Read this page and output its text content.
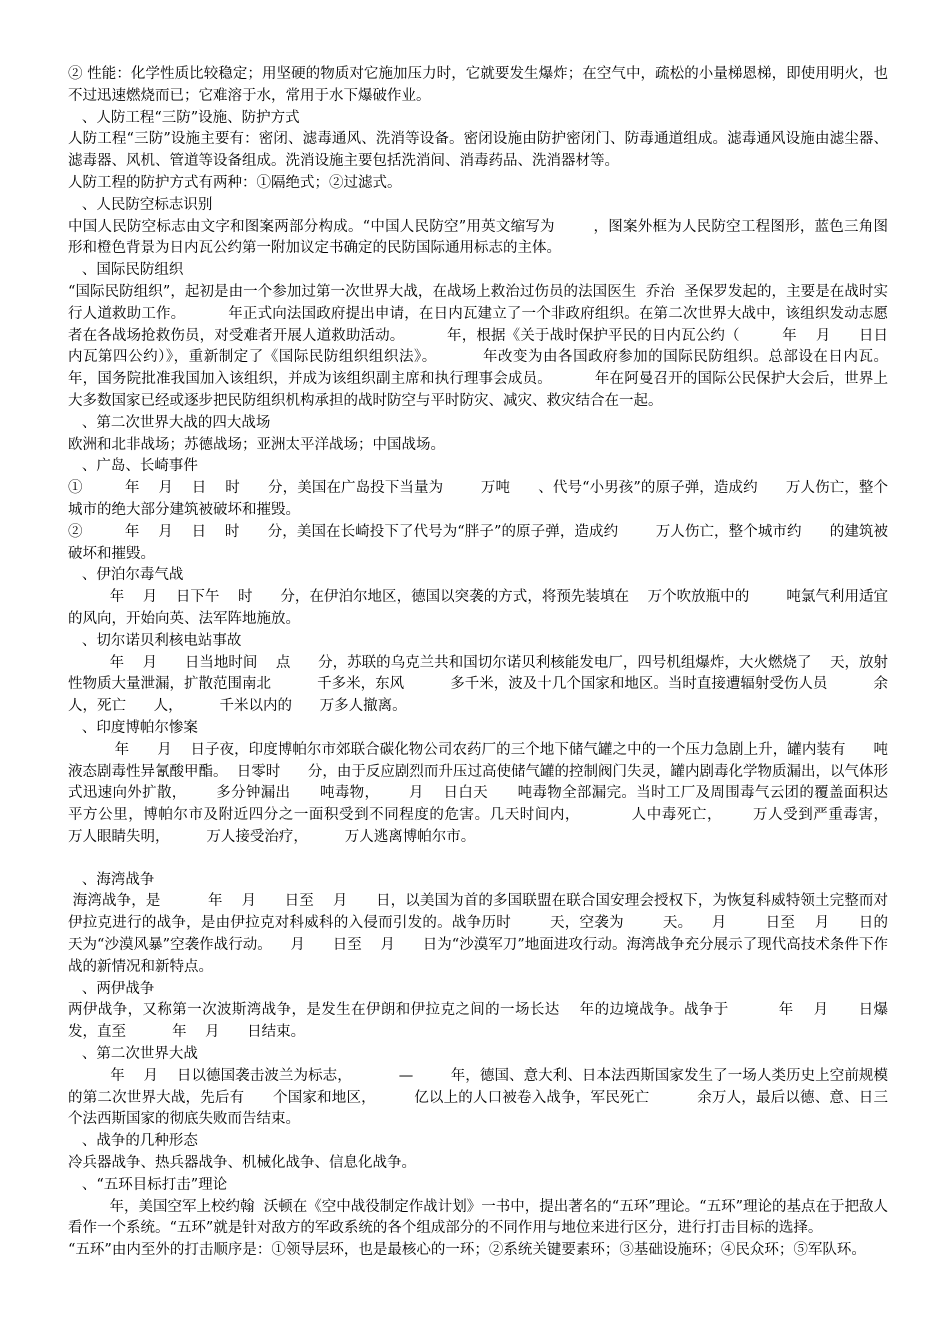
② 性能：化学性质比较稳定；用坚硬的物质对它施加压力时，它就要发生爆炸；在空气中，疏松的小量梯恩梯，即使用明火，也不过迅速燃烧而已；它难溶于水，常用于水下爆破作业。

、人防工程“三防”设施、防护方式

人防工程“三防”设施主要有：密闭、滤毒通风、洗消等设备。密闭设施由防护密闭门、防毒通道组成。滤毒通风设施由滤尘器、滤毒器、风机、管道等设备组成。洗消设施主要包括洗消间、消毒药品、洗消器材等。

人防工程的防护方式有两种：①隔绝式；②过滤式。

、人民防空标志识别

中国人民防空标志由文字和图案两部分构成。“中国人民防空”用英文缩写为        ，图案外框为人民防空工程图形，蓝色三角图形和橙色背景为日内瓦公约第一附加议定书确定的民防国际通用标志的主体。

、国际民防组织

“国际民防组织”，起初是由一个参加过第一次世界大战，在战场上救治过伤员的法国医生  乔治  圣保罗发起的，主要是在战时实行人道救助工作。         年正式向法国政府提出申请，在日内瓦建立了一个非政府组织。在第二次世界大战中，该组织发动志愿者在各战场抢救伤员，对受难者开展人道救助活动。         年，根据《关于战时保护平民的日内瓦公约（         年    月      日日内瓦第四公约）》，重新制定了《国际民防组织组织法》。         年改变为由各国政府参加的国际民防组织。总部设在日内瓦。         年，国务院批准我国加入该组织，并成为该组织副主席和执行理事会成员。         年在阿曼召开的国际公民保护大会后，世界上大多数国家已经或逐步把民防组织机构承担的战时防空与平时防灾、减灾、救灾结合在一起。

、第二次世界大战的四大战场

欧洲和北非战场；苏德战场；亚洲太平洋战场；中国战场。

、广岛、长崎事件

①         年    月    日    时      分，美国在广岛投下当量为        万吨      、代号“小男孩”的原子弹，造成约      万人伤亡，整个城市的绝大部分建筑被破坏和摧毁。

②         年    月    日    时      分，美国在长崎投下了代号为“胖子”的原子弹，造成约        万人伤亡，整个城市约      的建筑被破坏和摧毁。

、伊泊尔毒气战

年    月    日下午    时      分，在伊泊尔地区，德国以突袭的方式，将预先装填在    万个吹放瓶中的        吨氯气利用适宜的风向，开始向英、法军阵地施放。

、切尔诺贝利核电站事故

年    月      日当地时间    点      分，苏联的乌克兰共和国切尔诺贝利核能发电厂，四号机组爆炸，大火燃烧了    天，放射性物质大量泄漏，扩散范围南北          千多米，东风          多千米，波及十几个国家和地区。当时直接遭辐射受伤人员          余人，死亡      人，        千米以内的      万多人撤离。

、印度博帕尔惨案

年      月    日子夜，印度博帕尔市郊联合碳化物公司农药厂的三个地下储气罐之中的一个压力急剧上升，罐内装有      吨液态剧毒性异氰酸甲酯。  日零时      分，由于反应剧烈而升压过高使储气罐的控制阀门失灵，罐内剧毒化学物质漏出，以气体形式迅速向外扩散，      多分钟漏出      吨毒物，      月    日白天      吨毒物全部漏完。当时工厂及周围毒气云团的覆盖面积达      平方公里，博帕尔市及附近四分之一面积受到不同程度的危害。几天时间内，          人中毒死亡，      万人受到严重毒害，      万人眼睛失明，        万人接受治疗，        万人逃离博帕尔市。

、海湾战争

海湾战争，是          年    月      日至    月      日，以美国为首的多国联盟在联合国安理会授权下，为恢复科威特领土完整而对伊拉克进行的战争，是由伊拉克对科威科的入侵而引发的。战争历时        天，空袭为        天。    月        日至    月      日的      天为“沙漠风暴”空袭作战行动。    月      日至    月      日为“沙漠军刀”地面进攻行动。海湾战争充分展示了现代高技术条件下作战的新情况和新特点。

、两伊战争

两伊战争，又称第一次波斯湾战争，是发生在伊朗和伊拉克之间的一场长达    年的边境战争。战争于          年    月      日爆发，直至          年    月      日结束。

、第二次世界大战

年    月    日以德国袭击波兰为标志，          —        年，德国、意大利、日本法西斯国家发生了一场人类历史上空前规模的第二次世界大战，先后有      个国家和地区，        亿以上的人口被卷入战争，军民死亡          余万人，最后以德、意、日三个法西斯国家的彻底失败而告结束。

、战争的几种形态

冷兵器战争、热兵器战争、机械化战争、信息化战争。

、“五环目标打击”理论

年，美国空军上校约翰  沃顿在《空中战役制定作战计划》一书中，提出著名的“五环”理论。“五环”理论的基点在于把敌人看作一个系统。“五环”就是针对敌方的军政系统的各个组成部分的不同作用与地位来进行区分，进行打击目标的选择。

“五环”由内至外的打击顺序是：①领导层环，也是最核心的一环；②系统关键要素环；③基础设施环；④民众环；⑤军队环。
